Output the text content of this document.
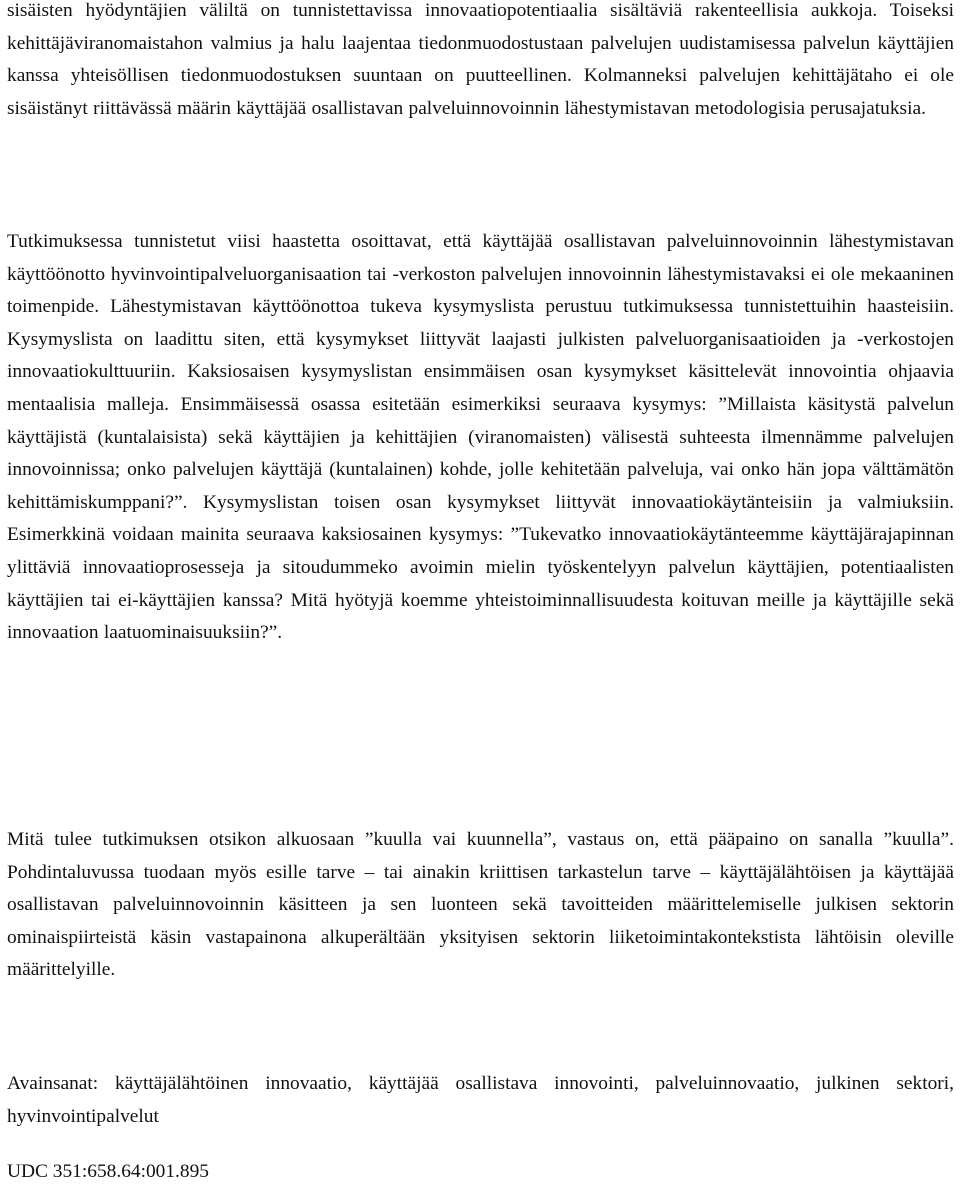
sisäisten hyödyntäjien väliltä on tunnistettavissa innovaatiopotentiaalia sisältäviä rakenteellisia aukkoja. Toiseksi kehittäjäviranomaistahon valmius ja halu laajentaa tiedonmuodostustaan palvelujen uudistamisessa palvelun käyttäjien kanssa yhteisöllisen tiedonmuodostuksen suuntaan on puutteellinen. Kolmanneksi palvelujen kehittäjätaho ei ole sisäistänyt riittävässä määrin käyttäjää osallistavan palveluinnovoinnin lähestymistavan metodologisia perusajatuksia.

Tutkimuksessa tunnistetut viisi haastetta osoittavat, että käyttäjää osallistavan palveluinnovoinnin lähestymistavan käyttöönotto hyvinvointipalveluorganisaation tai -verkoston palvelujen innovoinnin lähestymistavaksi ei ole mekaaninen toimenpide. Lähestymistavan käyttöönottoa tukeva kysymyslista perustuu tutkimuksessa tunnistettuihin haasteisiin. Kysymyslista on laadittu siten, että kysymykset liittyvät laajasti julkisten palveluorganisaatioiden ja -verkostojen innovaatiokulttuuriin. Kaksiosaisen kysymyslistan ensimmäisen osan kysymykset käsittelevät innovointia ohjaavia mentaalisia malleja. Ensimmäisessä osassa esitetään esimerkiksi seuraava kysymys: ”Millaista käsitystä palvelun käyttäjistä (kuntalaisista) sekä käyttäjien ja kehittäjien (viranomaisten) välisestä suhteesta ilmennämme palvelujen innovoinnissa; onko palvelujen käyttäjä (kuntalainen) kohde, jolle kehitetään palveluja, vai onko hän jopa välttämätön kehittämiskumppani?”. Kysymyslistan toisen osan kysymykset liittyvät innovaatiokäytänteisiin ja valmiuksiin. Esimerkkinä voidaan mainita seuraava kaksiosainen kysymys: ”Tukevatko innovaatiokäytänteemme käyttäjärajapinnan ylittäviä innovaatioprosesseja ja sitoudummeko avoimin mielin työskentelyyn palvelun käyttäjien, potentiaalisten käyttäjien tai ei-käyttäjien kanssa? Mitä hyötyjä koemme yhteistoiminnallisuudesta koituvan meille ja käyttäjille sekä innovaation laatuominaisuuksiin?”.

Mitä tulee tutkimuksen otsikon alkuosaan ”kuulla vai kuunnella”, vastaus on, että pääpaino on sanalla ”kuulla”. Pohdintaluvussa tuodaan myös esille tarve – tai ainakin kriittisen tarkastelun tarve – käyttäjälähtöisen ja käyttäjää osallistavan palveluinnovoinnin käsitteen ja sen luonteen sekä tavoitteiden määrittelemiselle julkisen sektorin ominaispiirteistä käsin vastapainona alkuperältään yksityisen sektorin liiketoimintakontekstista lähtöisin oleville määrittelyille.

Avainsanat: käyttäjälähtöinen innovaatio, käyttäjää osallistava innovointi, palveluinnovaatio, julkinen sektori, hyvinvointipalvelut

UDC 351:658.64:001.895
